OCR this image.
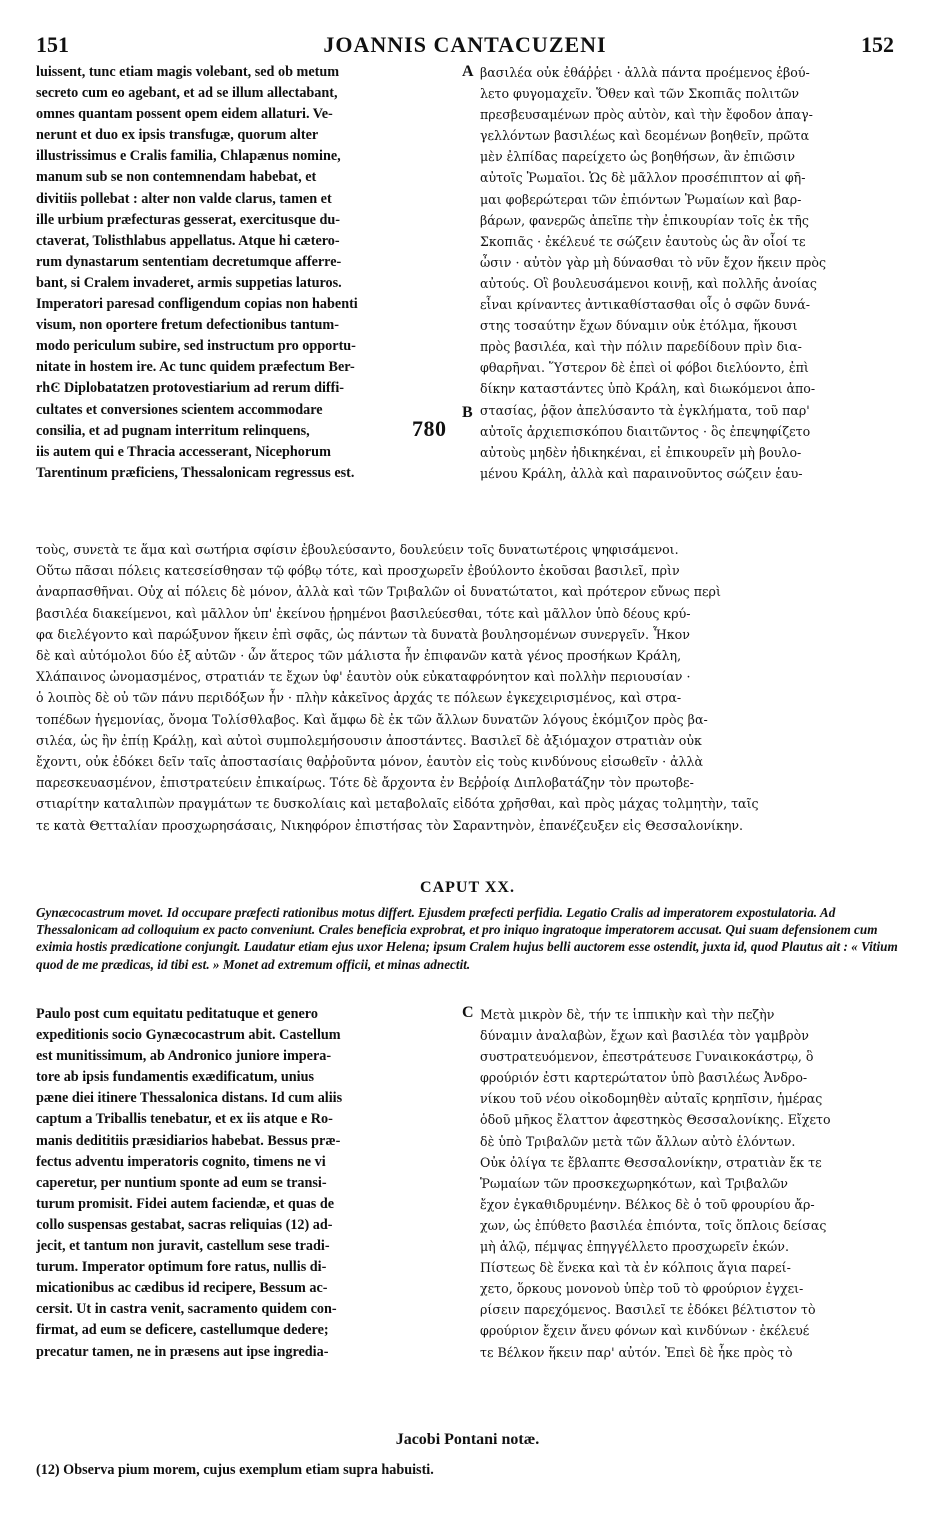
151	JOANNIS CANTACUZENI	152
luissent, tunc etiam magis volebant, sed ob metum
secreto cum eo agebant, et ad se illum allectabant,
omnes quantam possent opem eidem allaturi. Ve-
nerunt et duo ex ipsis transfugæ, quorum alter
illustrissimus e Cralis familia, Chlapænus nomine,
manum sub se non contemnendam habebat, et
divitiis pollebat : alter non valde clarus, tamen et
ille urbium præfecturas gesserat, exercitusque du-
ctaverat, Tolisthlabus appellatus. Atque hi cætero-
rum dynastarum sententiam decretumque afferre-
bant, si Cralem invaderet, armis suppetias laturos.
Imperatori paresad confligendum copias non habenti
visum, non oportere fretum defectionibus tantum-
modo periculum subire, sed instructum pro opportu-
nitate in hostem ire. Ac tunc quidem præfectum Ber-
rhϾ Diplobatatzen protovestiarium ad rerum diffi-
cultates et conversiones scientem accommodare
consilia, et ad pugnam interritum relinquens,
iis autem qui e Thracia accesserant, Nicephorum
Tarentinum præficiens, Thessalonicam regressus est.
780
βασιλέα οὐκ ἐθάῤῥει · ἀλλὰ πάντα προέμενος ἐβού-
λετο φυγομαχεῖν. Ὅθεν καὶ τῶν Σκοπιᾶς πολιτῶν
πρεσβευσαμένων πρὸς αὐτὸν, καὶ τὴν ἔφοδον ἀπαγ-
γελλόντων βασιλέως καὶ δεομένων βοηθεῖν, πρῶτα
μὲν ἐλπίδας παρείχετο ὡς βοηθήσων, ἂν ἐπιῶσιν
αὐτοῖς Ῥωμαῖοι. Ὡς δὲ μᾶλλον προσέπιπτον αἱ φῆ-
μαι φοβερώτεραι τῶν ἐπιόντων Ῥωμαίων καὶ βαρ-
βάρων, φανερῶς ἀπεῖπε τὴν ἐπικουρίαν τοῖς ἐκ τῆς
Σκοπιᾶς · ἐκέλευέ τε σώζειν ἑαυτοὺς ὡς ἂν οἷοί τε
ὦσιν · αὐτὸν γὰρ μὴ δύνασθαι τὸ νῦν ἔχον ἥκειν πρὸς
αὐτούς. Οἳ βουλευσάμενοι κοινῇ, καὶ πολλῆς ἀνοίας
εἶναι κρίναντες ἀντικαθίστασθαι οἷς ὁ σφῶν δυνά-
στης τοσαύτην ἔχων δύναμιν οὐκ ἐτόλμα, ἥκουσι
πρὸς βασιλέα, καὶ τὴν πόλιν παρεδίδουν πρὶν δια-
φθαρῆναι. Ὕστερον δὲ ἐπεὶ οἱ φόβοι διελύοντο, ἐπὶ
δίκην καταστάντες ὑπὸ Κράλη, καὶ διωκόμενοι ἀπο-
στασίας, ῥᾷον ἀπελύσαντο τὰ ἐγκλήματα, τοῦ παρ'
αὐτοῖς ἀρχιεπισκόπου διαιτῶντος · ὃς ἐπεψηφίζετο
αὐτοὺς μηδὲν ἠδικηκέναι, εἰ ἐπικουρεῖν μὴ βουλο-
μένου Κράλη, ἀλλὰ καὶ παραινοῦντος σώζειν ἑαυ-
A
B
C
τοὺς, συνετὰ τε ἅμα καὶ σωτήρια σφίσιν ἐβουλεύσαντο, δουλεύειν τοῖς δυνατωτέροις ψηφισάμενοι.
Οὕτω πᾶσαι πόλεις κατεσείσθησαν τῷ φόβῳ τότε, καὶ προσχωρεῖν ἐβούλοντο ἑκοῦσαι βασιλεῖ, πρὶν
ἀναρπασθῆναι. Οὐχ αἱ πόλεις δὲ μόνον, ἀλλὰ καὶ τῶν Τριβαλῶν οἱ δυνατώτατοι, καὶ πρότερον εὔνως περὶ
βασιλέα διακείμενοι, καὶ μᾶλλον ὑπ' ἐκείνου ᾑρημένοι βασιλεύεσθαι, τότε καὶ μᾶλλον ὑπὸ δέους κρύ-
φα διελέγοντο καὶ παρώξυνον ἥκειν ἐπὶ σφᾶς, ὡς πάντων τὰ δυνατὰ βουλησομένων συνεργεῖν. Ἧκον
δὲ καὶ αὐτόμολοι δύο ἐξ αὐτῶν · ὧν ἅτερος τῶν μάλιστα ἦν ἐπιφανῶν κατὰ γένος προσήκων Κράλη,
Χλάπαινος ὠνομασμένος, στρατιάν τε ἔχων ὑφ' ἑαυτὸν οὐκ εὐκαταφρόνητον καὶ πολλὴν περιουσίαν ·
ὁ λοιπὸς δὲ οὐ τῶν πάνυ περιδόξων ἦν · πλὴν κἀκεῖνος ἀρχάς τε πόλεων ἐγκεχειρισμένος, καὶ στρα-
τοπέδων ἡγεμονίας, ὄνομα Τολίσθλαβος. Καὶ ἄμφω δὲ ἐκ τῶν ἄλλων δυνατῶν λόγους ἐκόμιζον πρὸς βα-
σιλέα, ὡς ἢν ἐπίῃ Κράλῃ, καὶ αὐτοὶ συμπολεμήσουσιν ἀποστάντες. Βασιλεῖ δὲ ἀξιόμαχον στρατιὰν οὐκ
ἔχοντι, οὐκ ἐδόκει δεῖν ταῖς ἀποστασίαις θαῤῥοῦντα μόνον, ἑαυτὸν εἰς τοὺς κινδύνους εἰσωθεῖν · ἀλλὰ
παρεσκευασμένον, ἐπιστρατεύειν ἐπικαίρως. Τότε δὲ ἄρχοντα ἐν Βεῤῥοίᾳ Διπλοβατάζην τὸν πρωτοβε-
στιαρίτην καταλιπὼν πραγμάτων τε δυσκολίαις καὶ μεταβολαῖς εἰδότα χρῆσθαι, καὶ πρὸς μάχας τολμητὴν, ταῖς
τε κατὰ Θετταλίαν προσχωρησάσαις, Νικηφόρον ἐπιστήσας τὸν Σαραντηνὸν, ἐπανέζευξεν εἰς Θεσσαλονίκην.
CAPUT XX.
Gynæcocastrum movet. Id occupare præfecti rationibus motus differt. Ejusdem præfecti perfidia. Legatio Cralis ad imperatorem expostulatoria. Ad Thessalonicam ad colloquium ex pacto conveniunt. Crales beneficia exprobrat, et pro iniquo ingratoque imperatorem accusat. Qui suam defensionem cum eximia hostis prædicatione conjungit. Laudatur etiam ejus uxor Helena; ipsum Cralem hujus belli auctorem esse ostendit, juxta id, quod Plautus ait : « Vitium quod de me prædicas, id tibi est. » Monet ad extremum officii, et minas adnectit.
Paulo post cum equitatu peditatuque et genero
expeditionis socio Gynæcocastrum abit. Castellum
est munitissimum, ab Andronico juniore impera-
tore ab ipsis fundamentis exædificatum, unius
pæne diei itinere Thessalonica distans. Id cum aliis
captum a Triballis tenebatur, et ex iis atque e Ro-
manis dedititiis præsidiarios habebat. Bessus præ-
fectus adventu imperatoris cognito, timens ne vi
caperetur, per nuntium sponte ad eum se transi-
turum promisit. Fidei autem faciendæ, et quas de
collo suspensas gestabat, sacras reliquias (12) ad-
jecit, et tantum non juravit, castellum sese tradi-
turum. Imperator optimum fore ratus, nullis di-
micationibus ac cædibus id recipere, Bessum ac-
cersit. Ut in castra venit, sacramento quidem con-
firmat, ad eum se deficere, castellumque dedere;
precatur tamen, ne in præsens aut ipse ingredia-
Μετὰ μικρὸν δὲ, τήν τε ἱππικὴν καὶ τὴν πεζὴν
δύναμιν ἀναλαβὼν, ἔχων καὶ βασιλέα τὸν γαμβρὸν
συστρατευόμενον, ἐπεστράτευσε Γυναικοκάστρῳ, ὃ
φρούριόν ἐστι καρτερώτατον ὑπὸ βασιλέως Ἀνδρο-
νίκου τοῦ νέου οἰκοδομηθὲν αὐταῖς κρηπῖσιν, ἡμέρας
ὁδοῦ μῆκος ἔλαττον ἀφεστηκὸς Θεσσαλονίκης. Εἴχετο
δὲ ὑπὸ Τριβαλῶν μετὰ τῶν ἄλλων αὐτὸ ἑλόντων.
Οὐκ ὀλίγα τε ἔβλαπτε Θεσσαλονίκην, στρατιὰν ἔκ τε
Ῥωμαίων τῶν προσκεχωρηκότων, καὶ Τριβαλῶν
ἔχον ἐγκαθιδρυμένην. Βέλκος δὲ ὁ τοῦ φρουρίου ἄρ-
χων, ὡς ἐπύθετο βασιλέα ἐπιόντα, τοῖς ὅπλοις δείσας
μὴ ἁλῷ, πέμψας ἐπηγγέλλετο προσχωρεῖν ἑκών.
Πίστεως δὲ ἕνεκα καὶ τὰ ἐν κόλποις ἅγια παρεί-
χετο, ὅρκους μονονοὺ ὑπὲρ τοῦ τὸ φρούριον ἐγχει-
ρίσειν παρεχόμενος. Βασιλεῖ τε ἐδόκει βέλτιστον τὸ
φρούριον ἔχειν ἄνευ φόνων καὶ κινδύνων · ἐκέλευέ
τε Βέλκον ἥκειν παρ' αὐτόν. Ἐπεὶ δὲ ἧκε πρὸς τὸ
Jacobi Pontani notæ.
(12) Observa pium morem, cujus exemplum etiam supra habuisti.
